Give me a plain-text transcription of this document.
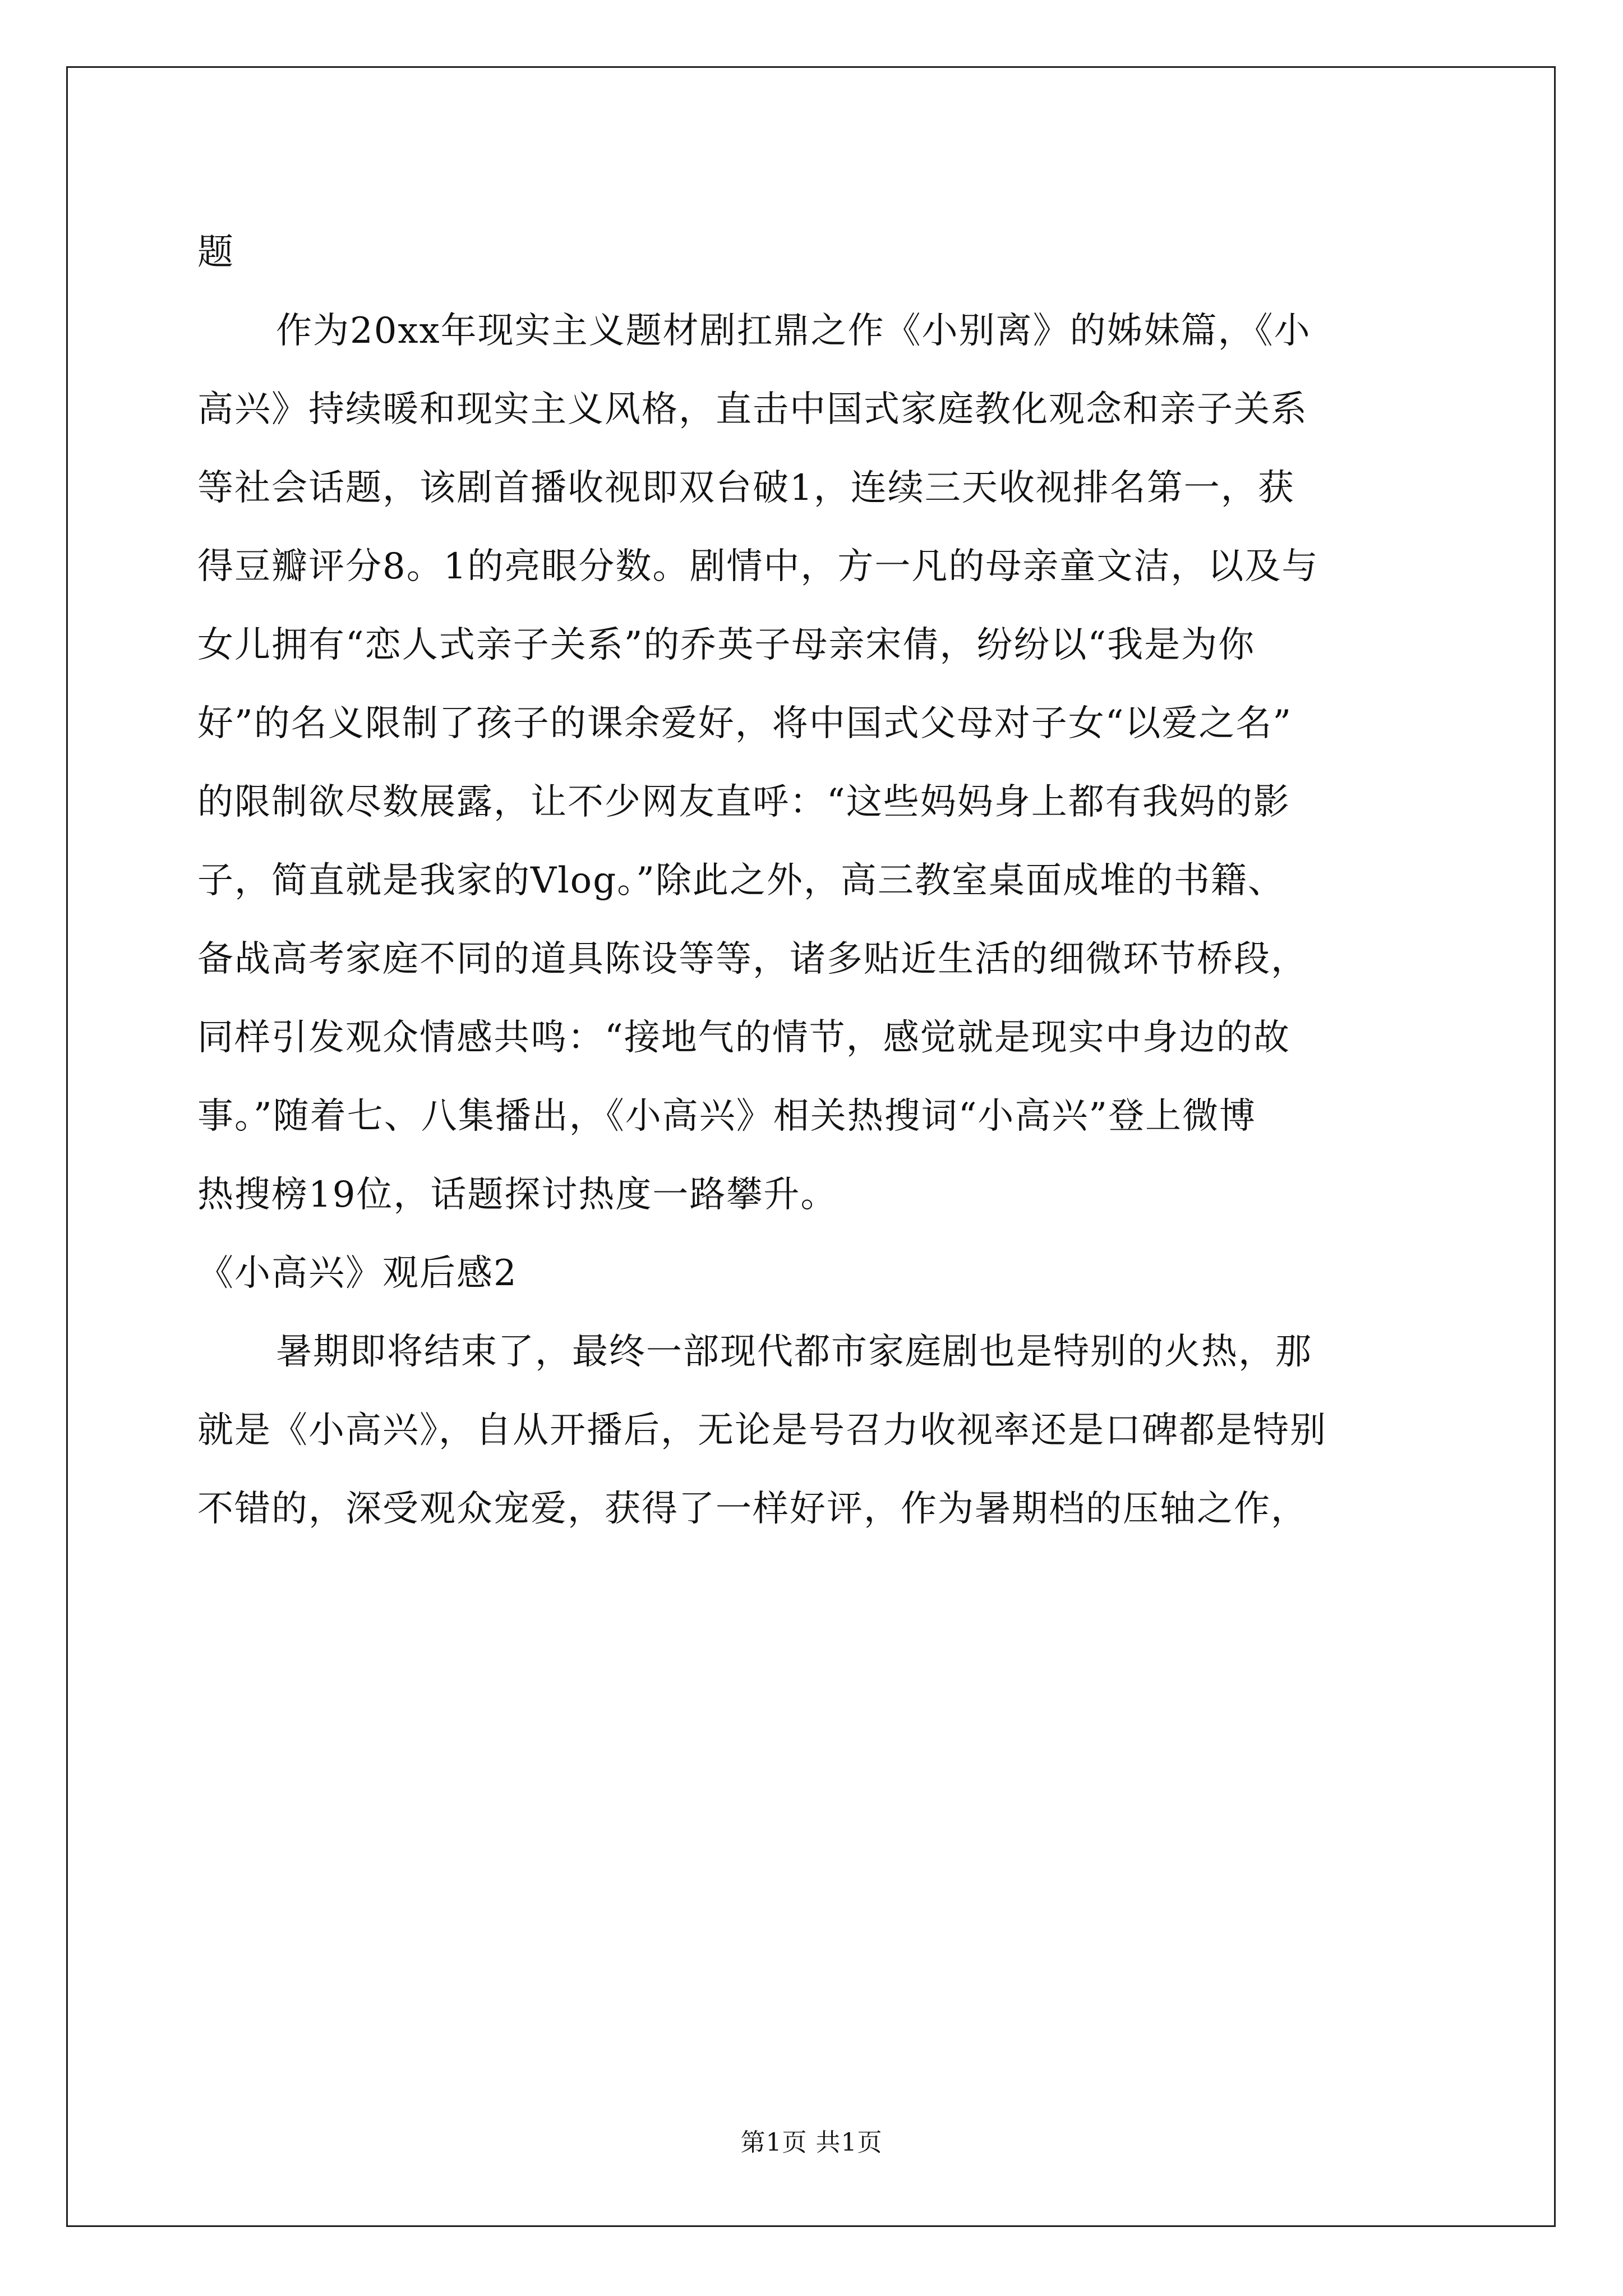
题
作为20xx年现实主义题材剧扛鼎之作《小别离》的姊妹篇，《小
高兴》持续暖和现实主义风格，直击中国式家庭教化观念和亲子关系
等社会话题，该剧首播收视即双台破1，连续三天收视排名第一，获
得豆瓣评分8。1的亮眼分数。剧情中，方一凡的母亲童文洁，以及与
女儿拥有“恋人式亲子关系”的乔英子母亲宋倩，纷纷以“我是为你
好”的名义限制了孩子的课余爱好，将中国式父母对子女“以爱之名”
的限制欲尽数展露，让不少网友直呼：“这些妈妈身上都有我妈的影
子，简直就是我家的Vlog。”除此之外，高三教室桌面成堆的书籍、
备战高考家庭不同的道具陈设等等，诸多贴近生活的细微环节桥段，
同样引发观众情感共鸣：“接地气的情节，感觉就是现实中身边的故
事。”随着七、八集播出，《小高兴》相关热搜词“小高兴”登上微博
热搜榜19位，话题探讨热度一路攀升。
《小高兴》观后感2
暑期即将结束了，最终一部现代都市家庭剧也是特别的火热，那
就是《小高兴》，自从开播后，无论是号召力收视率还是口碑都是特别
不错的，深受观众宠爱，获得了一样好评，作为暑期档的压轴之作，
第1页 共1页
